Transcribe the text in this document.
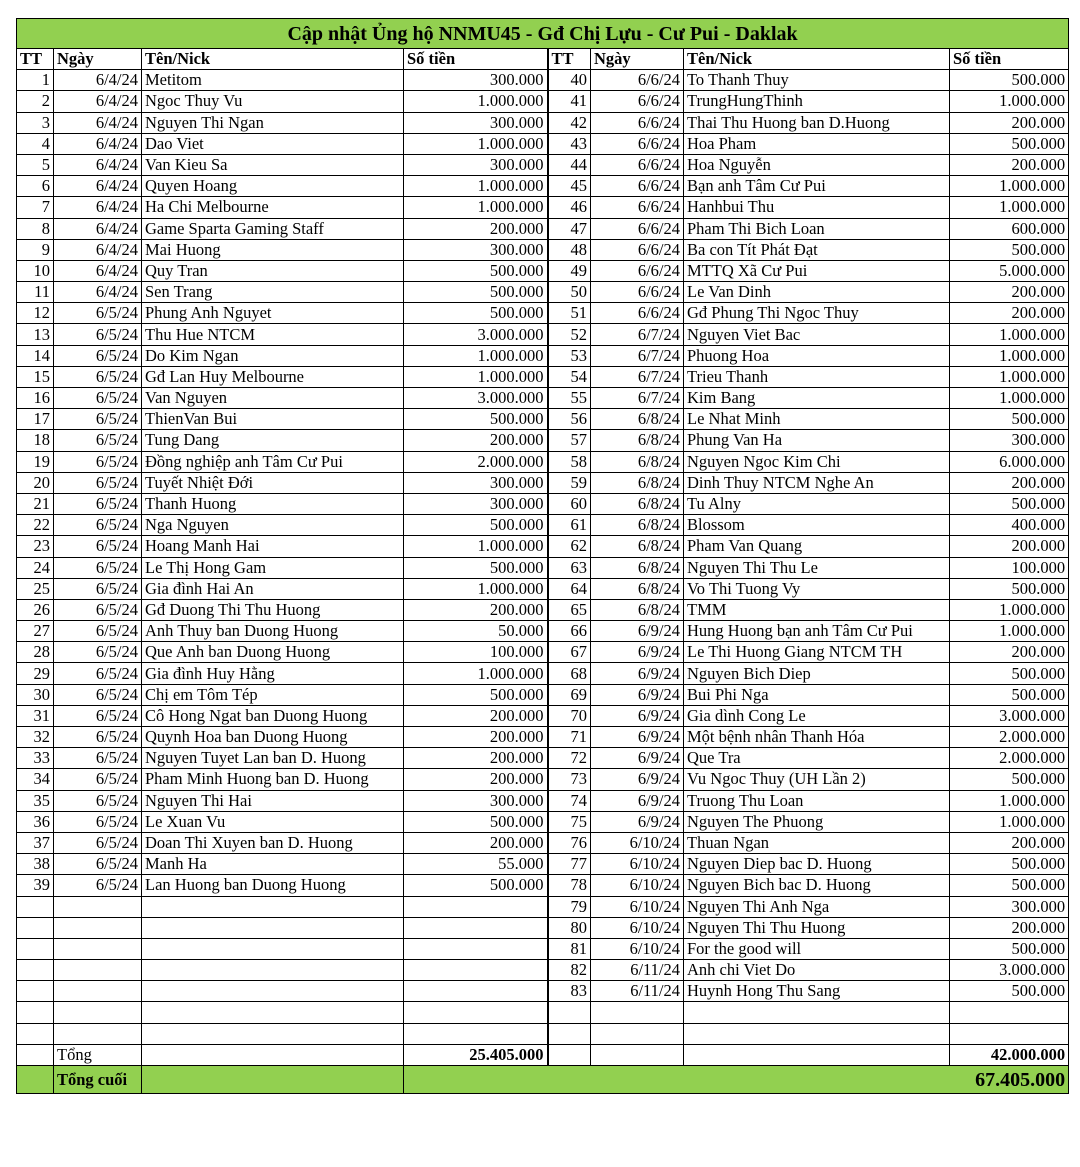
Cập nhật Ủng hộ NNMU45 - Gđ Chị Lựu - Cư Pui - Daklak							
TT	Ngày	Tên/Nick	Số tiền	TT	Ngày	Tên/Nick	Số tiền
1	6/4/24	Metitom	300.000	40	6/6/24	To Thanh Thuy	500.000
2	6/4/24	Ngoc Thuy Vu	1.000.000	41	6/6/24	TrungHungThinh	1.000.000
3	6/4/24	Nguyen Thi Ngan	300.000	42	6/6/24	Thai Thu Huong ban D.Huong	200.000
4	6/4/24	Dao Viet	1.000.000	43	6/6/24	Hoa Pham	500.000
5	6/4/24	Van Kieu Sa	300.000	44	6/6/24	Hoa Nguyễn	200.000
6	6/4/24	Quyen Hoang	1.000.000	45	6/6/24	Bạn anh Tâm Cư Pui	1.000.000
7	6/4/24	Ha Chi Melbourne	1.000.000	46	6/6/24	Hanhbui Thu	1.000.000
8	6/4/24	Game Sparta Gaming Staff	200.000	47	6/6/24	Pham Thi Bich Loan	600.000
9	6/4/24	Mai Huong	300.000	48	6/6/24	Ba con Tít Phát Đạt	500.000
10	6/4/24	Quy Tran	500.000	49	6/6/24	MTTQ Xã Cư Pui	5.000.000
11	6/4/24	Sen Trang	500.000	50	6/6/24	Le Van Dinh	200.000
12	6/5/24	Phung Anh Nguyet	500.000	51	6/6/24	Gđ Phung Thi Ngoc Thuy	200.000
13	6/5/24	Thu Hue NTCM	3.000.000	52	6/7/24	Nguyen Viet Bac	1.000.000
14	6/5/24	Do Kim Ngan	1.000.000	53	6/7/24	Phuong Hoa	1.000.000
15	6/5/24	Gđ Lan Huy Melbourne	1.000.000	54	6/7/24	Trieu Thanh	1.000.000
16	6/5/24	Van Nguyen	3.000.000	55	6/7/24	Kim Bang	1.000.000
17	6/5/24	ThienVan Bui	500.000	56	6/8/24	Le Nhat Minh	500.000
18	6/5/24	Tung Dang	200.000	57	6/8/24	Phung Van Ha	300.000
19	6/5/24	Đồng nghiệp anh Tâm Cư Pui	2.000.000	58	6/8/24	Nguyen Ngoc Kim Chi	6.000.000
20	6/5/24	Tuyết Nhiệt Đới	300.000	59	6/8/24	Dinh Thuy NTCM Nghe An	200.000
21	6/5/24	Thanh Huong	300.000	60	6/8/24	Tu Alny	500.000
22	6/5/24	Nga Nguyen	500.000	61	6/8/24	Blossom	400.000
23	6/5/24	Hoang Manh Hai	1.000.000	62	6/8/24	Pham Van Quang	200.000
24	6/5/24	Le Thị Hong Gam	500.000	63	6/8/24	Nguyen Thi Thu Le	100.000
25	6/5/24	Gia đình Hai An	1.000.000	64	6/8/24	Vo Thi Tuong Vy	500.000
26	6/5/24	Gđ Duong Thi Thu Huong	200.000	65	6/8/24	TMM	1.000.000
27	6/5/24	Anh Thuy ban Duong Huong	50.000	66	6/9/24	Hung Huong bạn anh Tâm Cư Pui	1.000.000
28	6/5/24	Que Anh ban Duong Huong	100.000	67	6/9/24	Le Thi Huong Giang NTCM TH	200.000
29	6/5/24	Gia đình Huy Hằng	1.000.000	68	6/9/24	Nguyen Bich Diep	500.000
30	6/5/24	Chị em Tôm Tép	500.000	69	6/9/24	Bui Phi Nga	500.000
31	6/5/24	Cô Hong Ngat ban Duong Huong	200.000	70	6/9/24	Gia dình Cong Le	3.000.000
32	6/5/24	Quynh Hoa ban Duong Huong	200.000	71	6/9/24	Một bệnh nhân Thanh Hóa	2.000.000
33	6/5/24	Nguyen Tuyet Lan ban D. Huong	200.000	72	6/9/24	Que Tra	2.000.000
34	6/5/24	Pham Minh Huong ban D. Huong	200.000	73	6/9/24	Vu Ngoc Thuy (UH Lần 2)	500.000
35	6/5/24	Nguyen Thi Hai	300.000	74	6/9/24	Truong Thu Loan	1.000.000
36	6/5/24	Le Xuan Vu	500.000	75	6/9/24	Nguyen The Phuong	1.000.000
37	6/5/24	Doan Thi Xuyen ban D. Huong	200.000	76	6/10/24	Thuan Ngan	200.000
38	6/5/24	Manh Ha	55.000	77	6/10/24	Nguyen Diep bac D. Huong	500.000
39	6/5/24	Lan Huong ban Duong Huong	500.000	78	6/10/24	Nguyen Bich bac D. Huong	500.000
				79	6/10/24	Nguyen Thi Anh Nga	300.000
				80	6/10/24	Nguyen Thi Thu Huong	200.000
				81	6/10/24	For the good will	500.000
				82	6/11/24	Anh chi Viet Do	3.000.000
				83	6/11/24	Huynh Hong Thu Sang	500.000

	Tổng		25.405.000				42.000.000
	Tổng cuối		67.405.000				
